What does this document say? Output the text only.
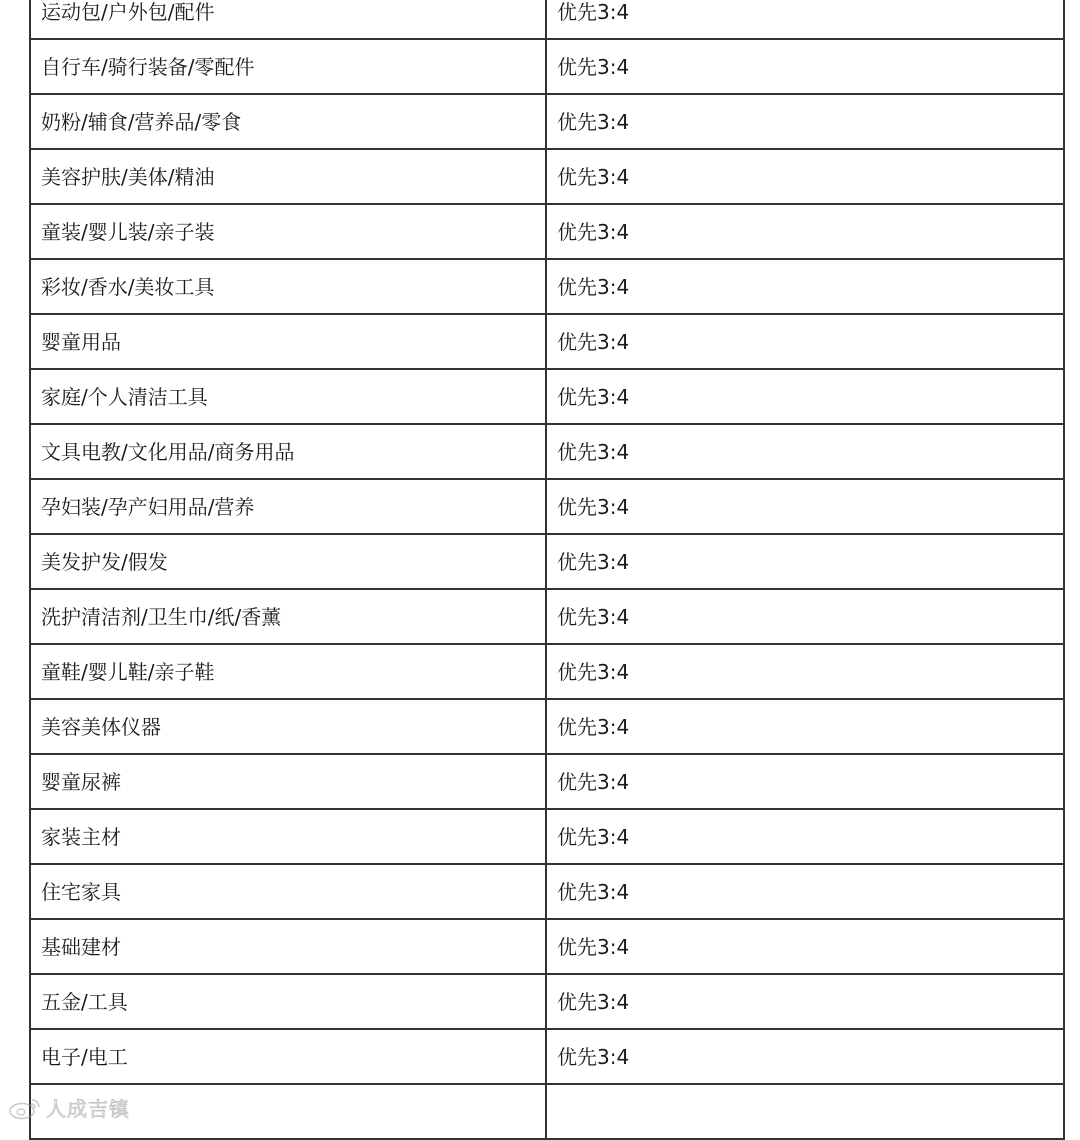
运动包/户外包/配件	优先3:4
自行车/骑行装备/零配件	优先3:4
奶粉/辅食/营养品/零食	优先3:4
美容护肤/美体/精油	优先3:4
童装/婴儿装/亲子装	优先3:4
彩妆/香水/美妆工具	优先3:4
婴童用品	优先3:4
家庭/个人清洁工具	优先3:4
文具电教/文化用品/商务用品	优先3:4
孕妇装/孕产妇用品/营养	优先3:4
美发护发/假发	优先3:4
洗护清洁剂/卫生巾/纸/香薰	优先3:4
童鞋/婴儿鞋/亲子鞋	优先3:4
美容美体仪器	优先3:4
婴童尿裤	优先3:4
家装主材	优先3:4
住宅家具	优先3:4
基础建材	优先3:4
五金/工具	优先3:4
电子/电工	优先3:4

人成吉镇
